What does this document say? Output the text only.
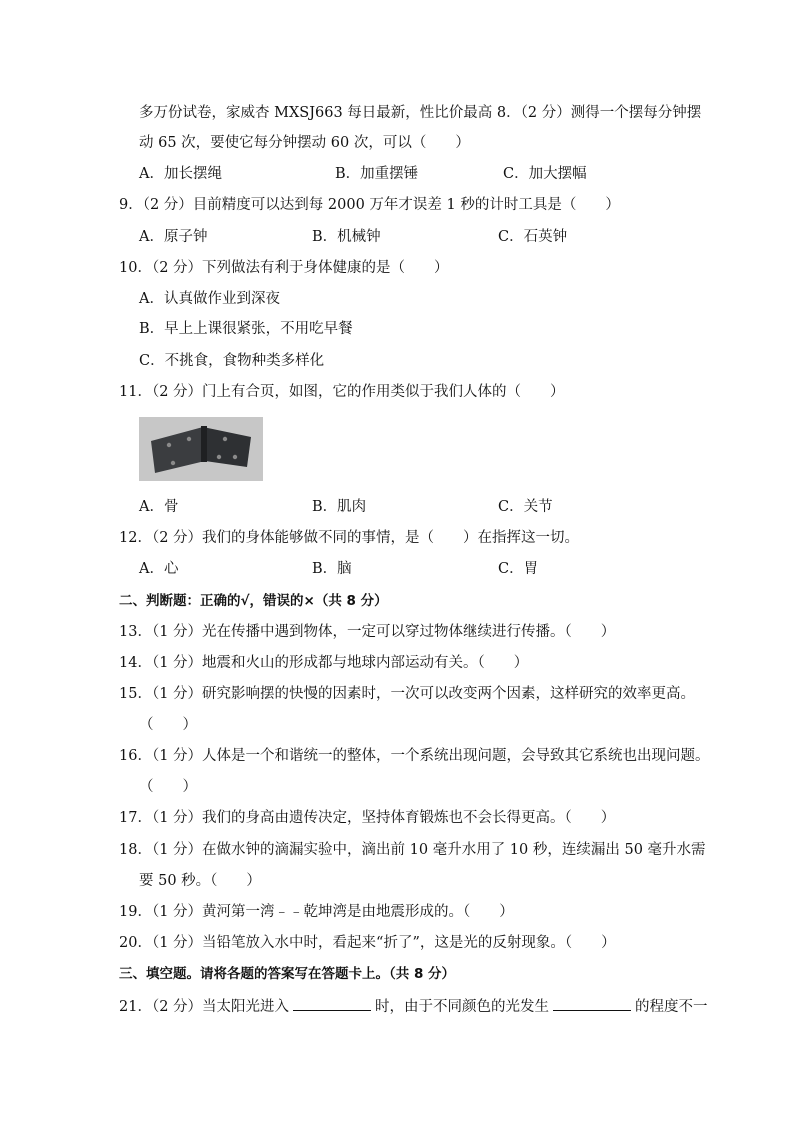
多万份试卷，家威杏 MXSJ663 每日最新，性比价最高 8．（2 分）测得一个摆每分钟摆
动 65 次，要使它每分钟摆动 60 次，可以（　　）
A．加长摆绳	B．加重摆锤	C．加大摆幅
9．（2 分）目前精度可以达到每 2000 万年才误差 1 秒的计时工具是（　　）
A．原子钟	B．机械钟	C．石英钟
10．（2 分）下列做法有利于身体健康的是（　　）
A．认真做作业到深夜
B．早上上课很紧张，不用吃早餐
C．不挑食，食物种类多样化
11．（2 分）门上有合页，如图，它的作用类似于我们人体的（　　）
A．骨	B．肌肉	C．关节
12．（2 分）我们的身体能够做不同的事情，是（　　）在指挥这一切。
A．心	B．脑	C．胃
二、判断题：正确的√，错误的×（共 8 分）
13．（1 分）光在传播中遇到物体，一定可以穿过物体继续进行传播。（　　）
14．（1 分）地震和火山的形成都与地球内部运动有关。（　　）
15．（1 分）研究影响摆的快慢的因素时，一次可以改变两个因素，这样研究的效率更高。
（　　）
16．（1 分）人体是一个和谐统一的整体，一个系统出现问题，会导致其它系统也出现问题。
（　　）
17．（1 分）我们的身高由遗传决定，坚持体育锻炼也不会长得更高。（　　）
18．（1 分）在做水钟的滴漏实验中，滴出前 10 毫升水用了 10 秒，连续漏出 50 毫升水需
要 50 秒。（　　）
19．（1 分）黄河第一湾﹣﹣乾坤湾是由地震形成的。（　　）
20．（1 分）当铅笔放入水中时，看起来“折了”，这是光的反射现象。（　　）
三、填空题。请将各题的答案写在答题卡上。（共 8 分）
21．（2 分）当太阳光进入	时，由于不同颜色的光发生	的程度不一
